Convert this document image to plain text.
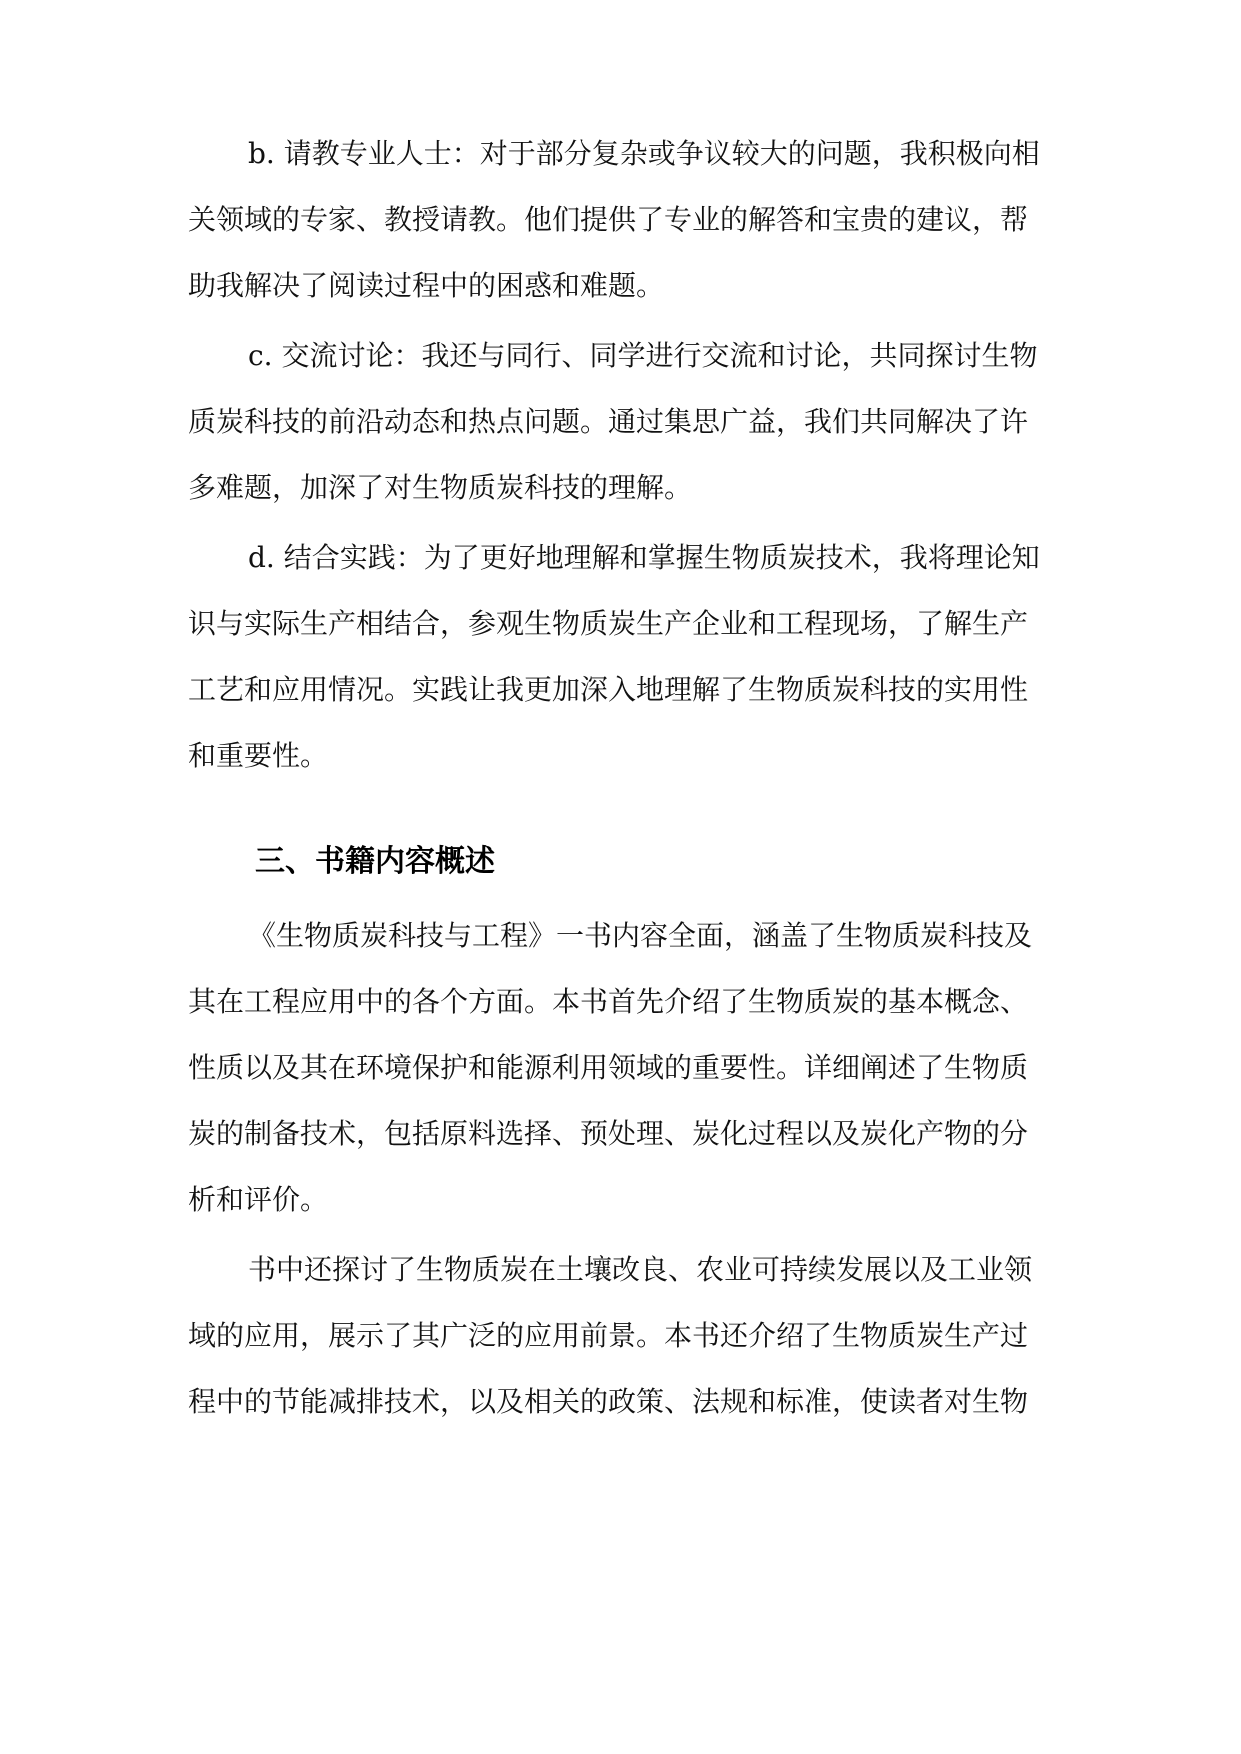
b. 请教专业人士：对于部分复杂或争议较大的问题，我积极向相
关领域的专家、教授请教。他们提供了专业的解答和宝贵的建议，帮
助我解决了阅读过程中的困惑和难题。
c. 交流讨论：我还与同行、同学进行交流和讨论，共同探讨生物
质炭科技的前沿动态和热点问题。通过集思广益，我们共同解决了许
多难题，加深了对生物质炭科技的理解。
d. 结合实践：为了更好地理解和掌握生物质炭技术，我将理论知
识与实际生产相结合，参观生物质炭生产企业和工程现场，了解生产
工艺和应用情况。实践让我更加深入地理解了生物质炭科技的实用性
和重要性。
三、书籍内容概述
《生物质炭科技与工程》一书内容全面，涵盖了生物质炭科技及
其在工程应用中的各个方面。本书首先介绍了生物质炭的基本概念、
性质以及其在环境保护和能源利用领域的重要性。详细阐述了生物质
炭的制备技术，包括原料选择、预处理、炭化过程以及炭化产物的分
析和评价。
书中还探讨了生物质炭在土壤改良、农业可持续发展以及工业领
域的应用，展示了其广泛的应用前景。本书还介绍了生物质炭生产过
程中的节能减排技术，以及相关的政策、法规和标准，使读者对生物
